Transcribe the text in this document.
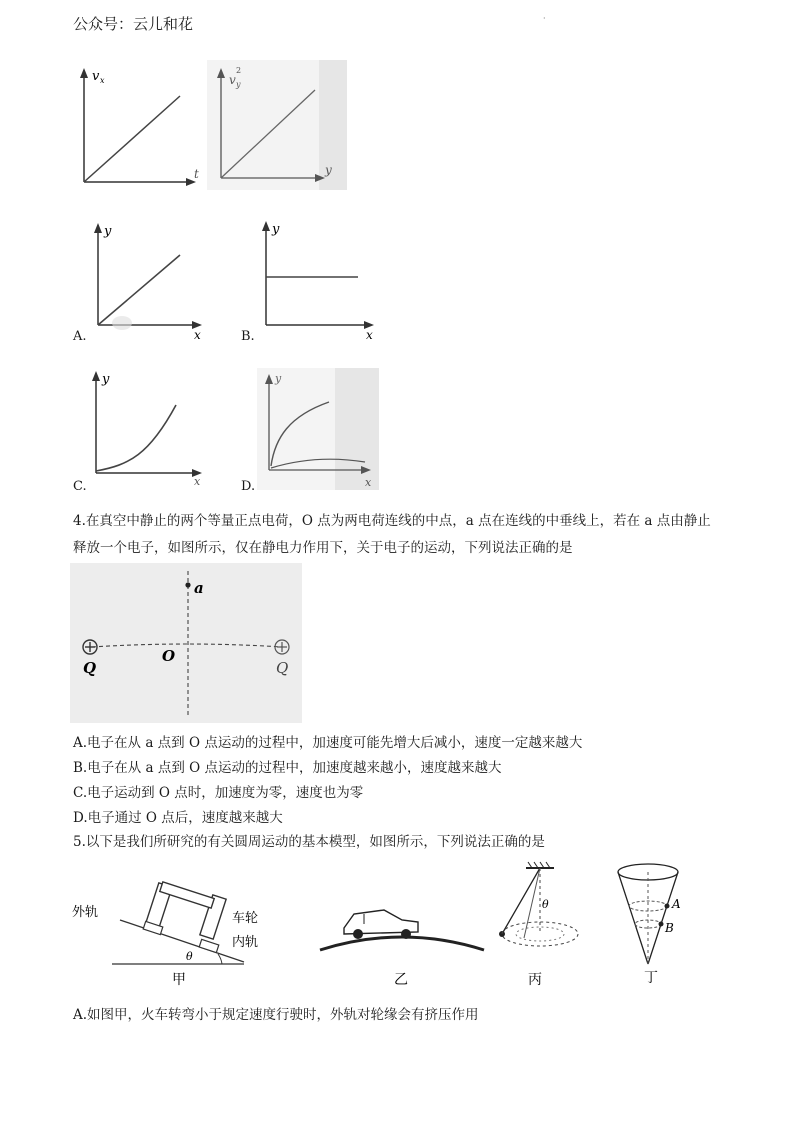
公众号：云儿和花	·
v x
t
v y
2
y
y
x
A.
y
x
B.
y
x
C.
y
x
D.
4.在真空中静止的两个等量正点电荷，O 点为两电荷连线的中点，a 点在连线的中垂线上，若在 a 点由静止
释放一个电子，如图所示，仅在静电力作用下，关于电子的运动，下列说法正确的是
a
O
Q	Q
A.电子在从 a 点到 O 点运动的过程中，加速度可能先增大后减小，速度一定越来越大
B.电子在从 a 点到 O 点运动的过程中，加速度越来越小，速度越来越大
C.电子运动到 O 点时，加速度为零，速度也为零
D.电子通过 O 点后，速度越来越大
5.以下是我们所研究的有关圆周运动的基本模型，如图所示，下列说法正确的是
外轨	车轮
内轨
θ
甲	乙
θ
丙
A
B
丁
A.如图甲，火车转弯小于规定速度行驶时，外轨对轮缘会有挤压作用
